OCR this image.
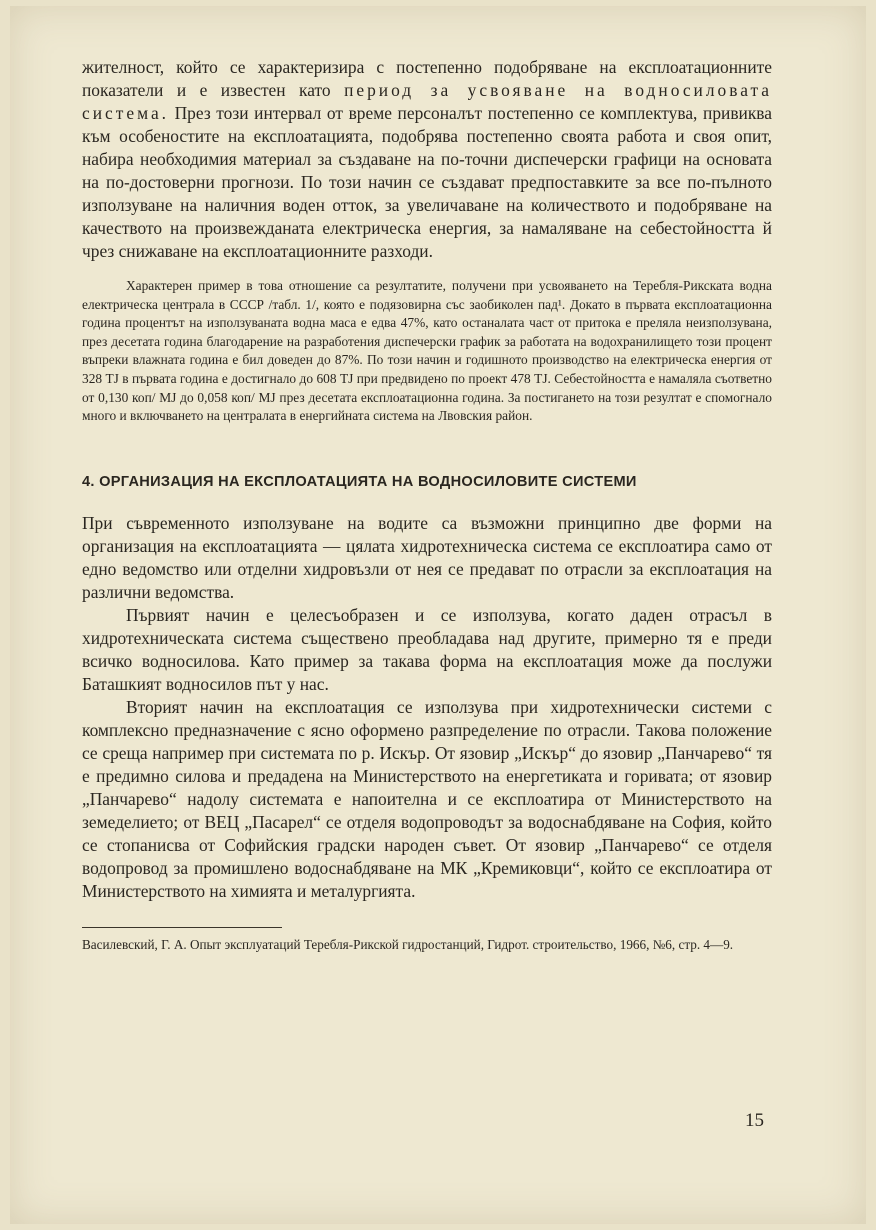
жителност, който се характеризира с постепенно подобряване на експлоатационните показатели и е известен като период за усвояване на водносиловата система. През този интервал от време персоналът постепенно се комплектува, привиква към особеностите на експлоатацията, подобрява постепенно своята работа и своя опит, набира необходимия материал за създаване на по-точни диспечерски графици на основата на по-достоверни прогнози. По този начин се създават предпоставките за все по-пълното използуване на наличния воден отток, за увеличаване на количеството и подобряване на качеството на произвежданата електрическа енергия, за намаляване на себестойността й чрез снижаване на експлоатационните разходи.

Характерен пример в това отношение са резултатите, получени при усвояването на Теребля-Рикската водна електрическа централа в СССР /табл. 1/, която е подязовирна със заобиколен пад¹. Докато в първата експлоатационна година процентът на използуваната водна маса е едва 47%, като останалата част от притока е преляла неизползувана, през десетата година благодарение на разработения диспечерски график за работата на водохранилището този процент въпреки влажната година е бил доведен до 87%. По този начин и годишното производство на електрическа енергия от 328 TJ в първата година е достигнало до 608 TJ при предвидено по проект 478 TJ. Себестойността е намаляла съответно от 0,130 коп/ MJ до 0,058 коп/ MJ през десетата експлоатационна година. За постигането на този резултат е спомогнало много и включването на централата в енергийната система на Лвовския район.

4. ОРГАНИЗАЦИЯ НА ЕКСПЛОАТАЦИЯТА НА ВОДНОСИЛОВИТЕ СИСТЕМИ

При съвременното използуване на водите са възможни принципно две форми на организация на експлоатацията — цялата хидротехническа система се експлоатира само от едно ведомство или отделни хидровъзли от нея се предават по отрасли за експлоатация на различни ведомства.

Първият начин е целесъобразен и се използува, когато даден отрасъл в хидротехническата система съществено преобладава над другите, примерно тя е преди всичко водносилова. Като пример за такава форма на експлоатация може да послужи Баташкият водносилов път у нас.

Вторият начин на експлоатация се използува при хидротехнически системи с комплексно предназначение с ясно оформено разпределение по отрасли. Такова положение се среща например при системата по р. Искър. От язовир „Искър“ до язовир „Панчарево“ тя е предимно силова и предадена на Министерството на енергетиката и горивата; от язовир „Панчарево“ надолу системата е напоителна и се експлоатира от Министерството на земеделието; от ВЕЦ „Пасарел“ се отделя водопроводът за водоснабдяване на София, който се стопанисва от Софийския градски народен съвет. От язовир „Панчарево“ се отделя водопровод за промишлено водоснабдяване на МК „Кремиковци“, който се експлоатира от Министерството на химията и металургията.

Василевский, Г. А. Опыт эксплуатаций Теребля-Рикской гидростанций, Гидрот. строительство, 1966, №6, стр. 4—9.

15
